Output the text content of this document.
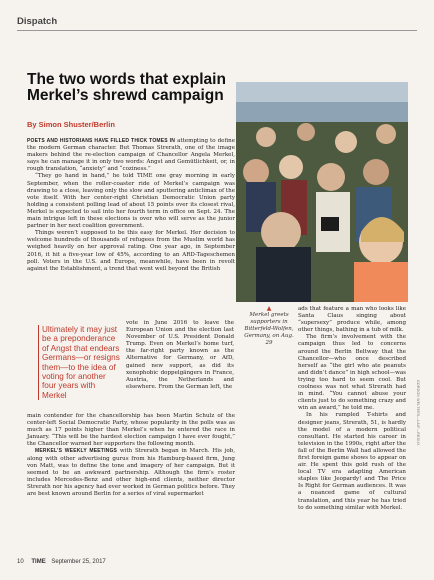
Dispatch
The two words that explain Merkel’s shrewd campaign
By Simon Shuster/Berlin

POETS AND HISTORIANS HAVE FILLED THICK TOMES IN attempting to define the modern German character. But Thomas Strerath, one of the image makers behind the re-election campaign of Chancellor Angela Merkel, says he can manage it in only two words: Angst and Gemütlichkeit, or, in rough translation, “anxiety” and “coziness.”

“They go hand in hand,” he told TIME one gray morning in early September, when the roller-coaster ride of Merkel’s campaign was drawing to a close, leaving only the slow and sputtering anticlimax of the vote itself. With her center-right Christian Democratic Union party holding a consistent polling lead of about 15 points over its closest rival, Merkel is expected to sail into her fourth term in office on Sept. 24. The main intrigue left in these elections is over who will serve as the junior partner in her next coalition government.

Things weren’t supposed to be this easy for Merkel. Her decision to welcome hundreds of thousands of refugees from the Muslim world has weighed heavily on her approval rating. One year ago, in September 2016, it hit a five-year low of 45%, according to an ARD-Tageschemen poll. Voters in the U.S. and Europe, meanwhile, have been in revolt against the Establishment, a trend that went well beyond the British

GORDON WELTERS—LAIF—REDUX
Ultimately it may just be a preponderance of Angst that endears Germans—or resigns them—to the idea of voting for another four years with Merkel
vote in June 2016 to leave the European Union and the election last November of U.S. President Donald Trump. Even on Merkel’s home turf, the far-right party known as the Alternative for Germany, or AfD, gained new support, as did its xenophobic doppelgängers in France, Austria, the Netherlands and elsewhere. From the German left, the

main contender for the chancellorship has been Martin Schulz of the center-left Social Democratic Party, whose popularity in the polls was as much as 17 points higher than Merkel’s when he entered the race in January. “This will be the hardest election campaign I have ever fought,” the Chancellor warned her supporters the following month.

MERKEL’S WEEKLY MEETINGS with Strerath began in March. His job, along with other advertising gurus from his Hamburg-based firm, Jung von Matt, was to define the tone and imagery of her campaign. But it seemed to be an awkward partnership. Although the firm’s roster includes Mercedes-Benz and other high-end clients, neither director Strerath nor his agency had ever worked in German politics before. They are best known around Berlin for a series of viral supermarket

▲
Merkel greets supporters in Bitterfeld-Wolfen, Germany, on Aug. 29

ads that feature a man who looks like Santa Claus singing about “supersexy” produce while, among other things, bathing in a tub of milk.

The firm’s involvement with the campaign thus led to concerns around the Berlin Beltway that the Chancellor—who once described herself as “the girl who ate peanuts and didn’t dance” in high school—was trying too hard to seem cool. But coolness was not what Strerath had in mind. “You cannot abuse your clients just to do something crazy and win an award,” he told me.

In his rumpled T-shirts and designer jeans, Strerath, 51, is hardly the model of a modern political consultant. He started his career in television in the 1990s, right after the fall of the Berlin Wall had allowed the first foreign game shows to appear on air. He spent this gold rush of the local TV era adapting American staples like Jeopardy! and The Price Is Right for German audiences. It was a nuanced game of cultural translation, and this year he has tried to do something similar with Merkel.

10 TIME September 25, 2017
